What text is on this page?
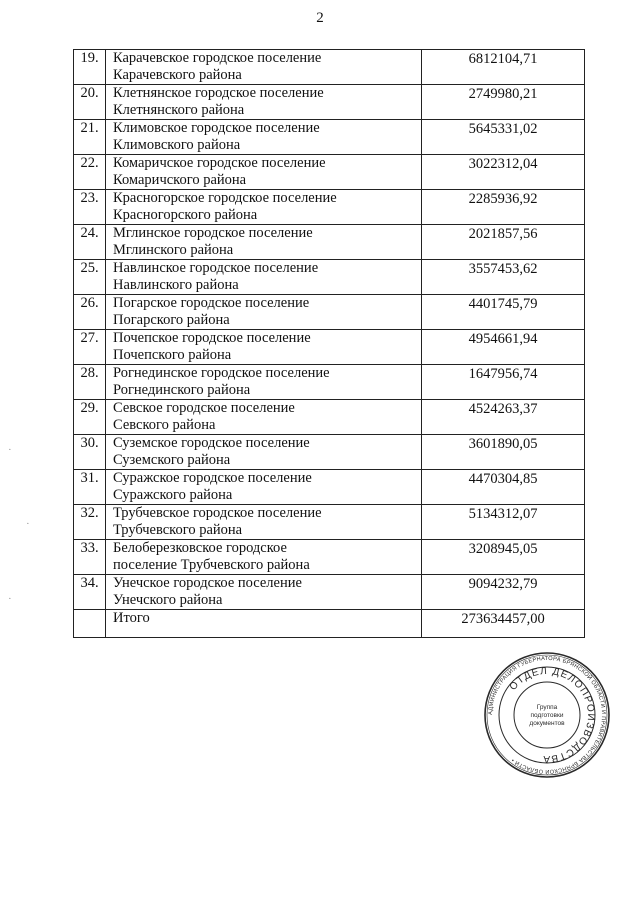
2
19.	Карачевское городское поселение
Карачевского района	6812104,71
20.	Клетнянское городское поселение
Клетнянского района	2749980,21
21.	Климовское городское поселение
Климовского района	5645331,02
22.	Комаричское городское поселение
Комаричского района	3022312,04
23.	Красногорское городское поселение
Красногорского района	2285936,92
24.	Мглинское городское поселение
Мглинского района	2021857,56
25.	Навлинское городское поселение
Навлинского района	3557453,62
26.	Погарское городское поселение
Погарского района	4401745,79
27.	Почепское городское поселение
Почепского района	4954661,94
28.	Рогнединское городское поселение
Рогнединского района	1647956,74
29.	Севское городское поселение
Севского района	4524263,37
30.	Суземское городское поселение
Суземского района	3601890,05
31.	Суражское городское поселение
Суражского района	4470304,85
32.	Трубчевское городское поселение
Трубчевского района	5134312,07
33.	Белоберезковское городское
поселение Трубчевского района	3208945,05
34.	Унечское городское поселение
Унечского района	9094232,79
	Итого	273634457,00
АДМИНИСТРАЦИЯ ГУБЕРНАТОРА БРЯНСКОЙ ОБЛАСТИ И ПРАВИТЕЛЬСТВА БРЯНСКОЙ ОБЛАСТИ •
ОТДЕЛ ДЕЛОПРОИЗВОДСТВА
Группа
подготовки
документов
·
·
·
